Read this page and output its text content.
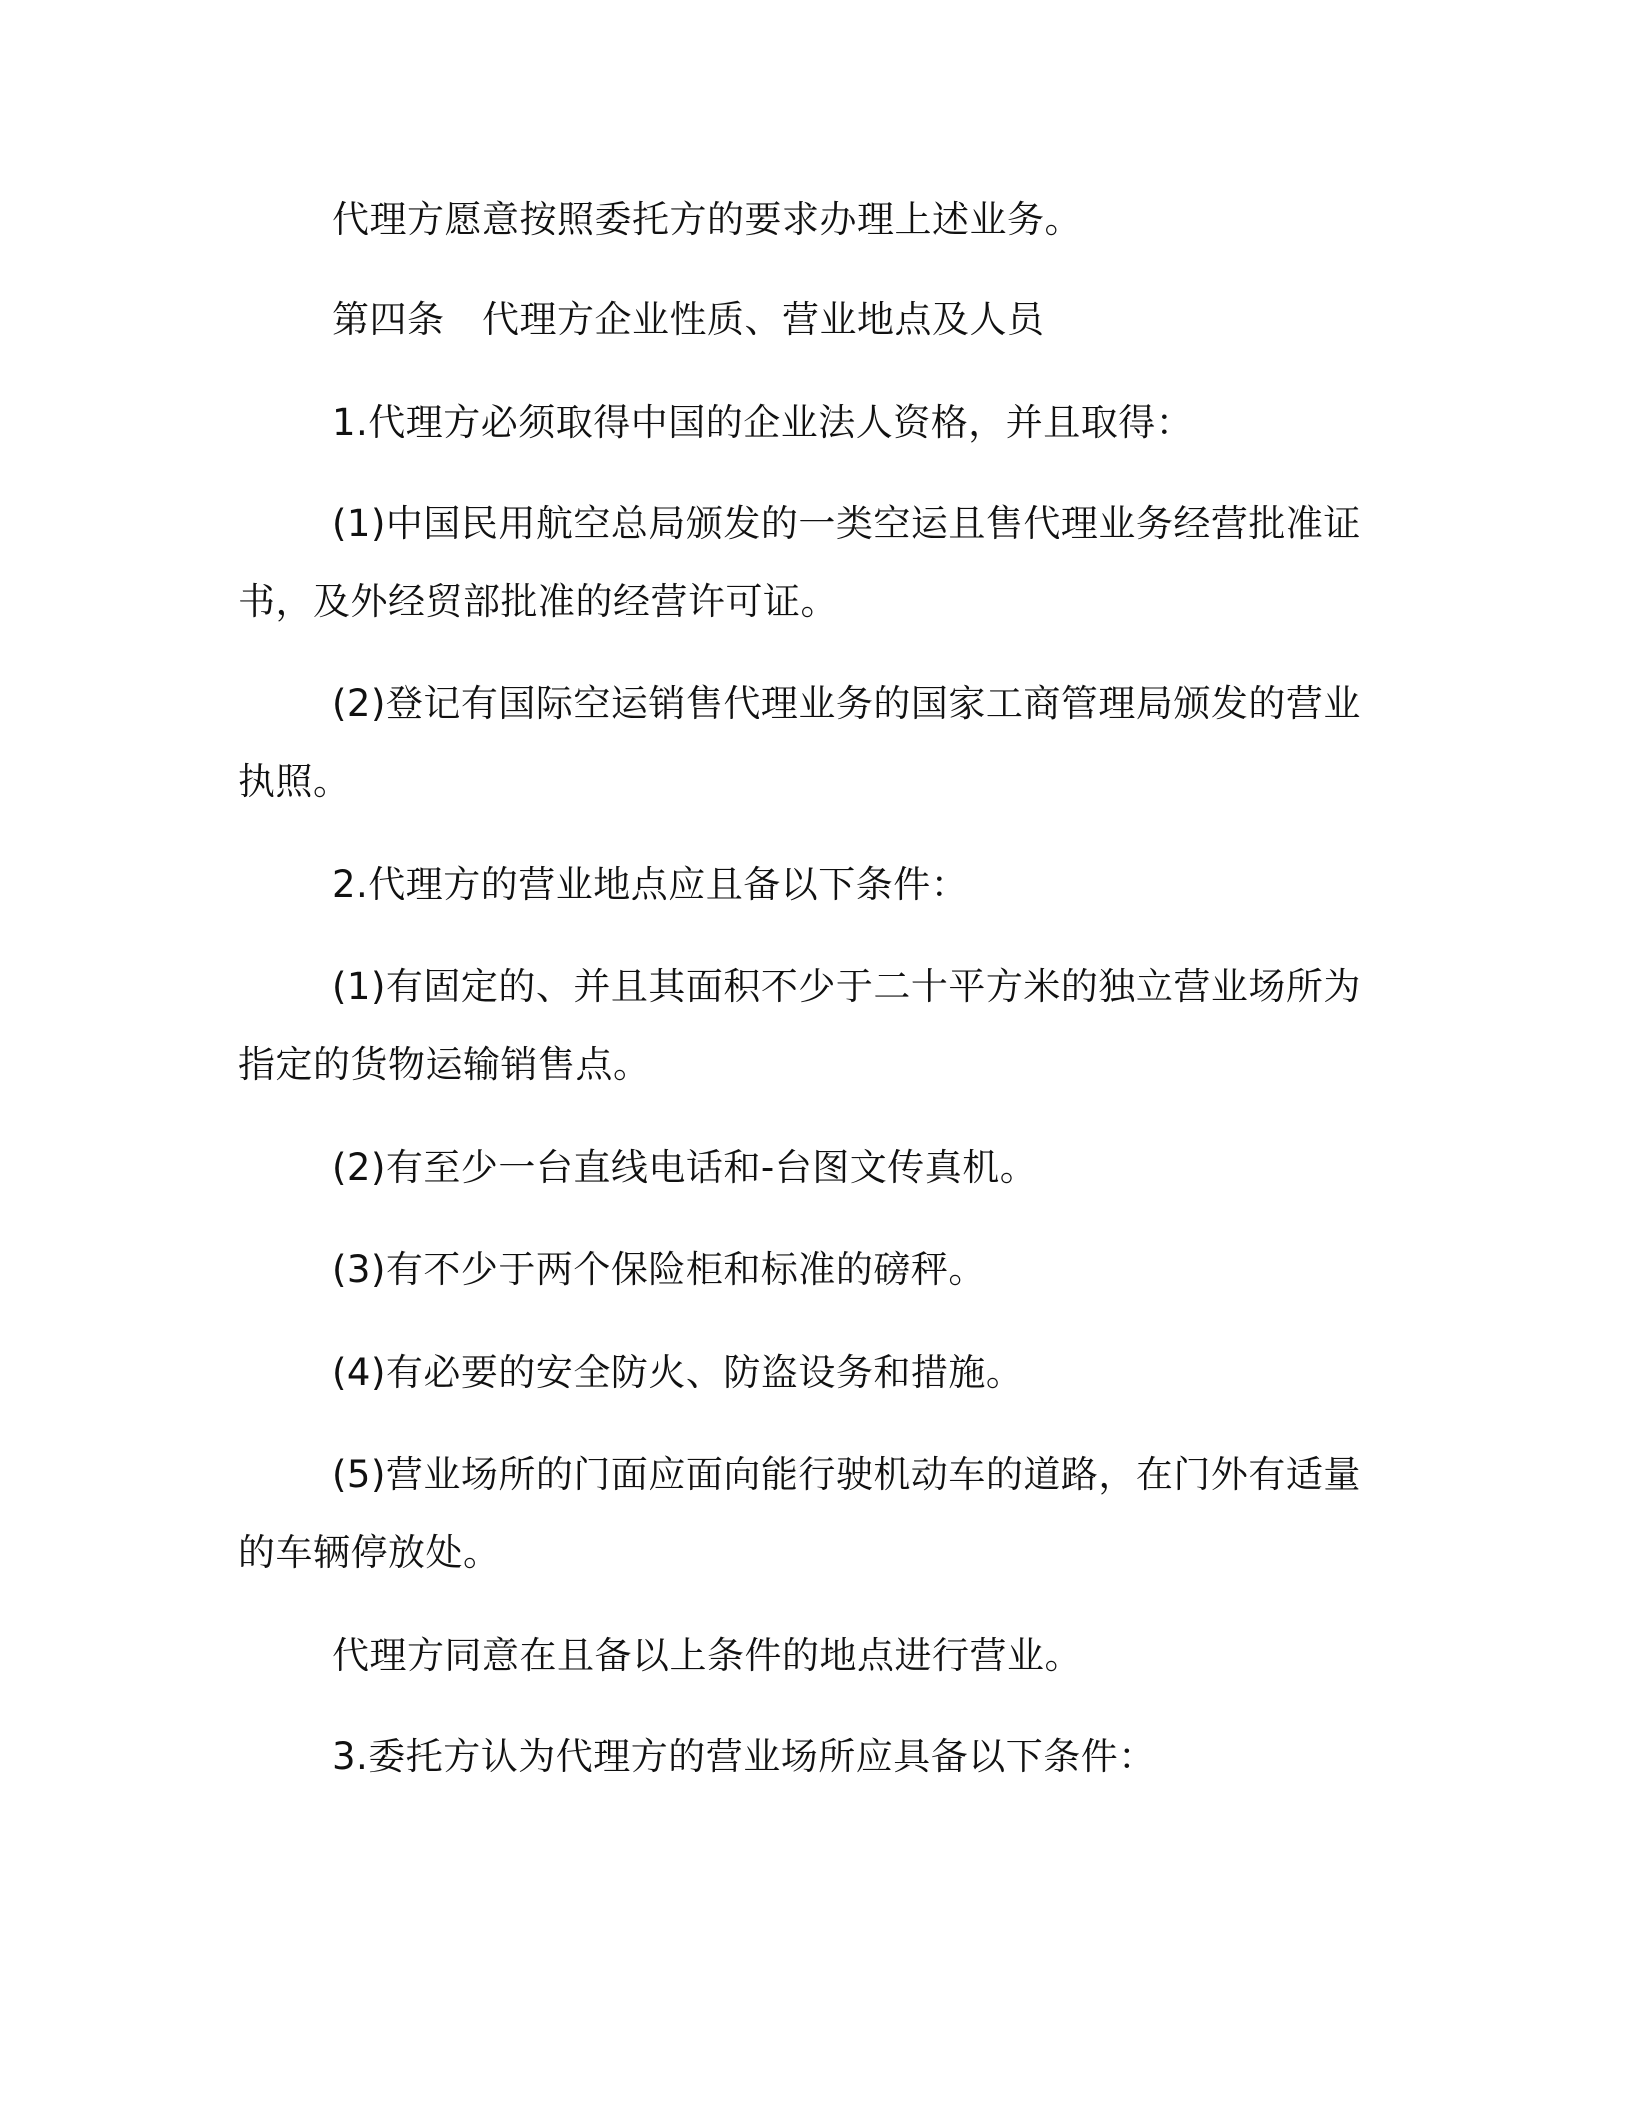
代理方愿意按照委托方的要求办理上述业务。
第四条　代理方企业性质、营业地点及人员
1.代理方必须取得中国的企业法人资格，并且取得：
(1)中国民用航空总局颁发的一类空运且售代理业务经营批准证
书，及外经贸部批准的经营许可证。
(2)登记有国际空运销售代理业务的国家工商管理局颁发的营业
执照。
2.代理方的营业地点应且备以下条件：
(1)有固定的、并且其面积不少于二十平方米的独立营业场所为
指定的货物运输销售点。
(2)有至少一台直线电话和-台图文传真机。
(3)有不少于两个保险柜和标准的磅秤。
(4)有必要的安全防火、防盗设务和措施。
(5)营业场所的门面应面向能行驶机动车的道路，在门外有适量
的车辆停放处。
代理方同意在且备以上条件的地点进行营业。
3.委托方认为代理方的营业场所应具备以下条件：
